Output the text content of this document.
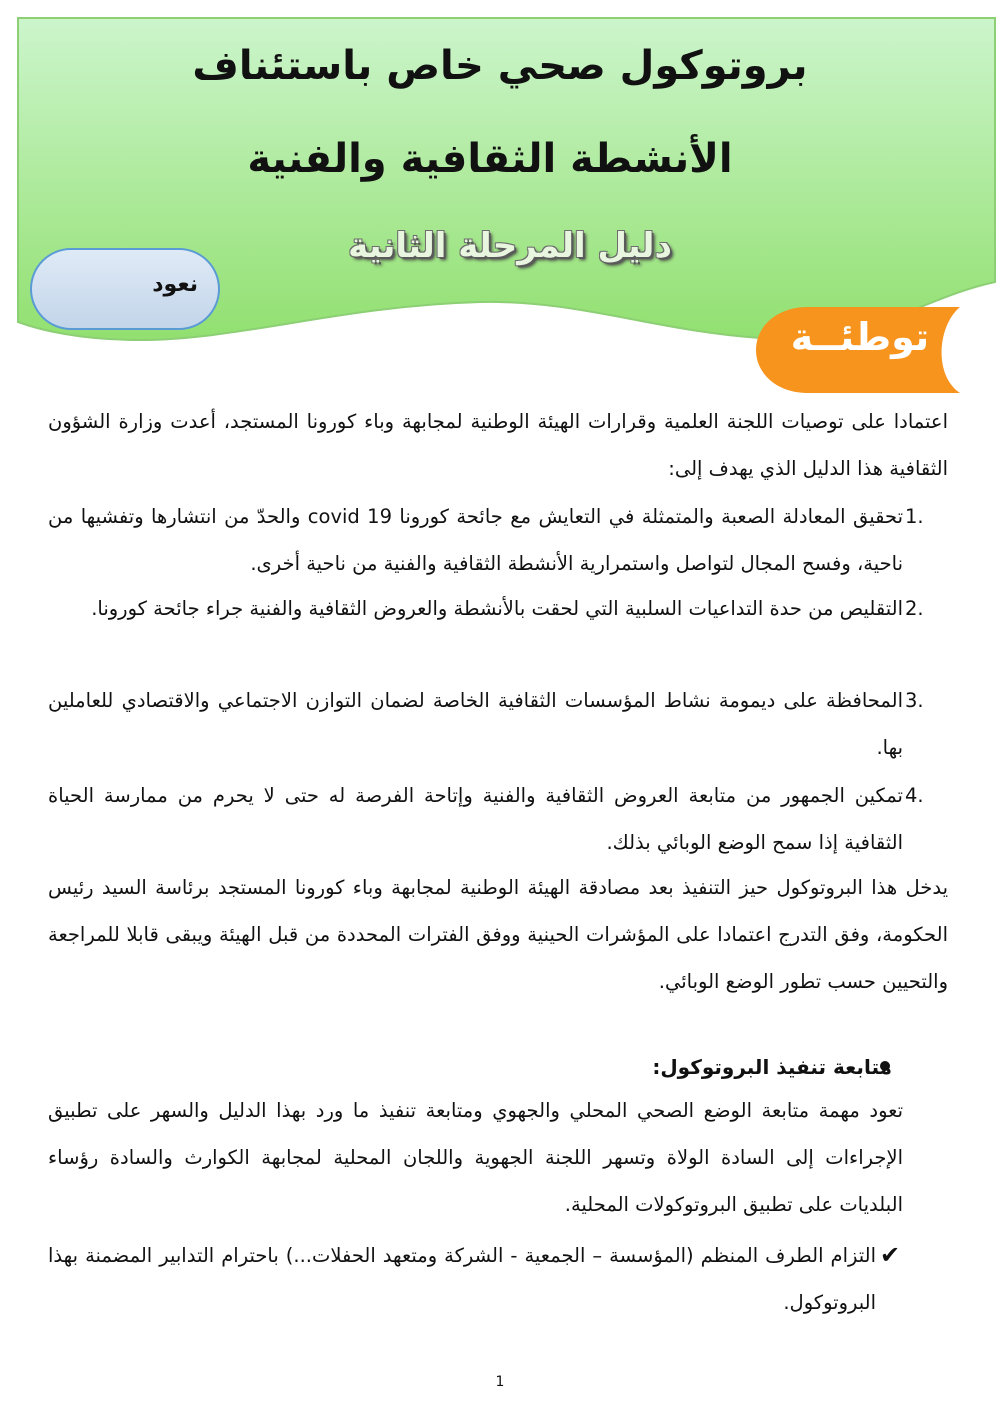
بروتوكول صحي خاص باستئناف
الأنشطة الثقافية والفنية
دليل المرحلة الثانية
نعود
توطئــة

اعتمادا على توصيات اللجنة العلمية وقرارات الهيئة الوطنية لمجابهة وباء كورونا المستجد، أعدت وزارة الشؤون الثقافية هذا الدليل الذي يهدف إلى:

1.

تحقيق المعادلة الصعبة والمتمثلة في التعايش مع جائحة كورونا covid 19 والحدّ من انتشارها وتفشيها من ناحية، وفسح المجال لتواصل واستمرارية الأنشطة الثقافية والفنية من ناحية أخرى.

2.

التقليص من حدة التداعيات السلبية التي لحقت بالأنشطة والعروض الثقافية والفنية جراء جائحة كورونا.

3.

المحافظة على ديمومة نشاط المؤسسات الثقافية الخاصة لضمان التوازن الاجتماعي والاقتصادي للعاملين بها.

4.

تمكين الجمهور من متابعة العروض الثقافية والفنية وإتاحة الفرصة له حتى لا يحرم من ممارسة الحياة الثقافية إذا سمح الوضع الوبائي بذلك.

يدخل هذا البروتوكول حيز التنفيذ بعد مصادقة الهيئة الوطنية لمجابهة وباء كورونا المستجد برئاسة السيد رئيس الحكومة، وفق التدرج اعتمادا على المؤشرات الحينية ووفق الفترات المحددة من قبل الهيئة ويبقى قابلا للمراجعة والتحيين حسب تطور الوضع الوبائي.

متابعة تنفيذ البروتوكول:

تعود مهمة متابعة الوضع الصحي المحلي والجهوي ومتابعة تنفيذ ما ورد بهذا الدليل والسهر على تطبيق الإجراءات إلى السادة الولاة وتسهر اللجنة الجهوية واللجان المحلية لمجابهة الكوارث والسادة رؤساء البلديات على تطبيق البروتوكولات المحلية.

✔

التزام الطرف المنظم (المؤسسة – الجمعية - الشركة ومتعهد الحفلات...) باحترام التدابير المضمنة بهذا البروتوكول.

1
